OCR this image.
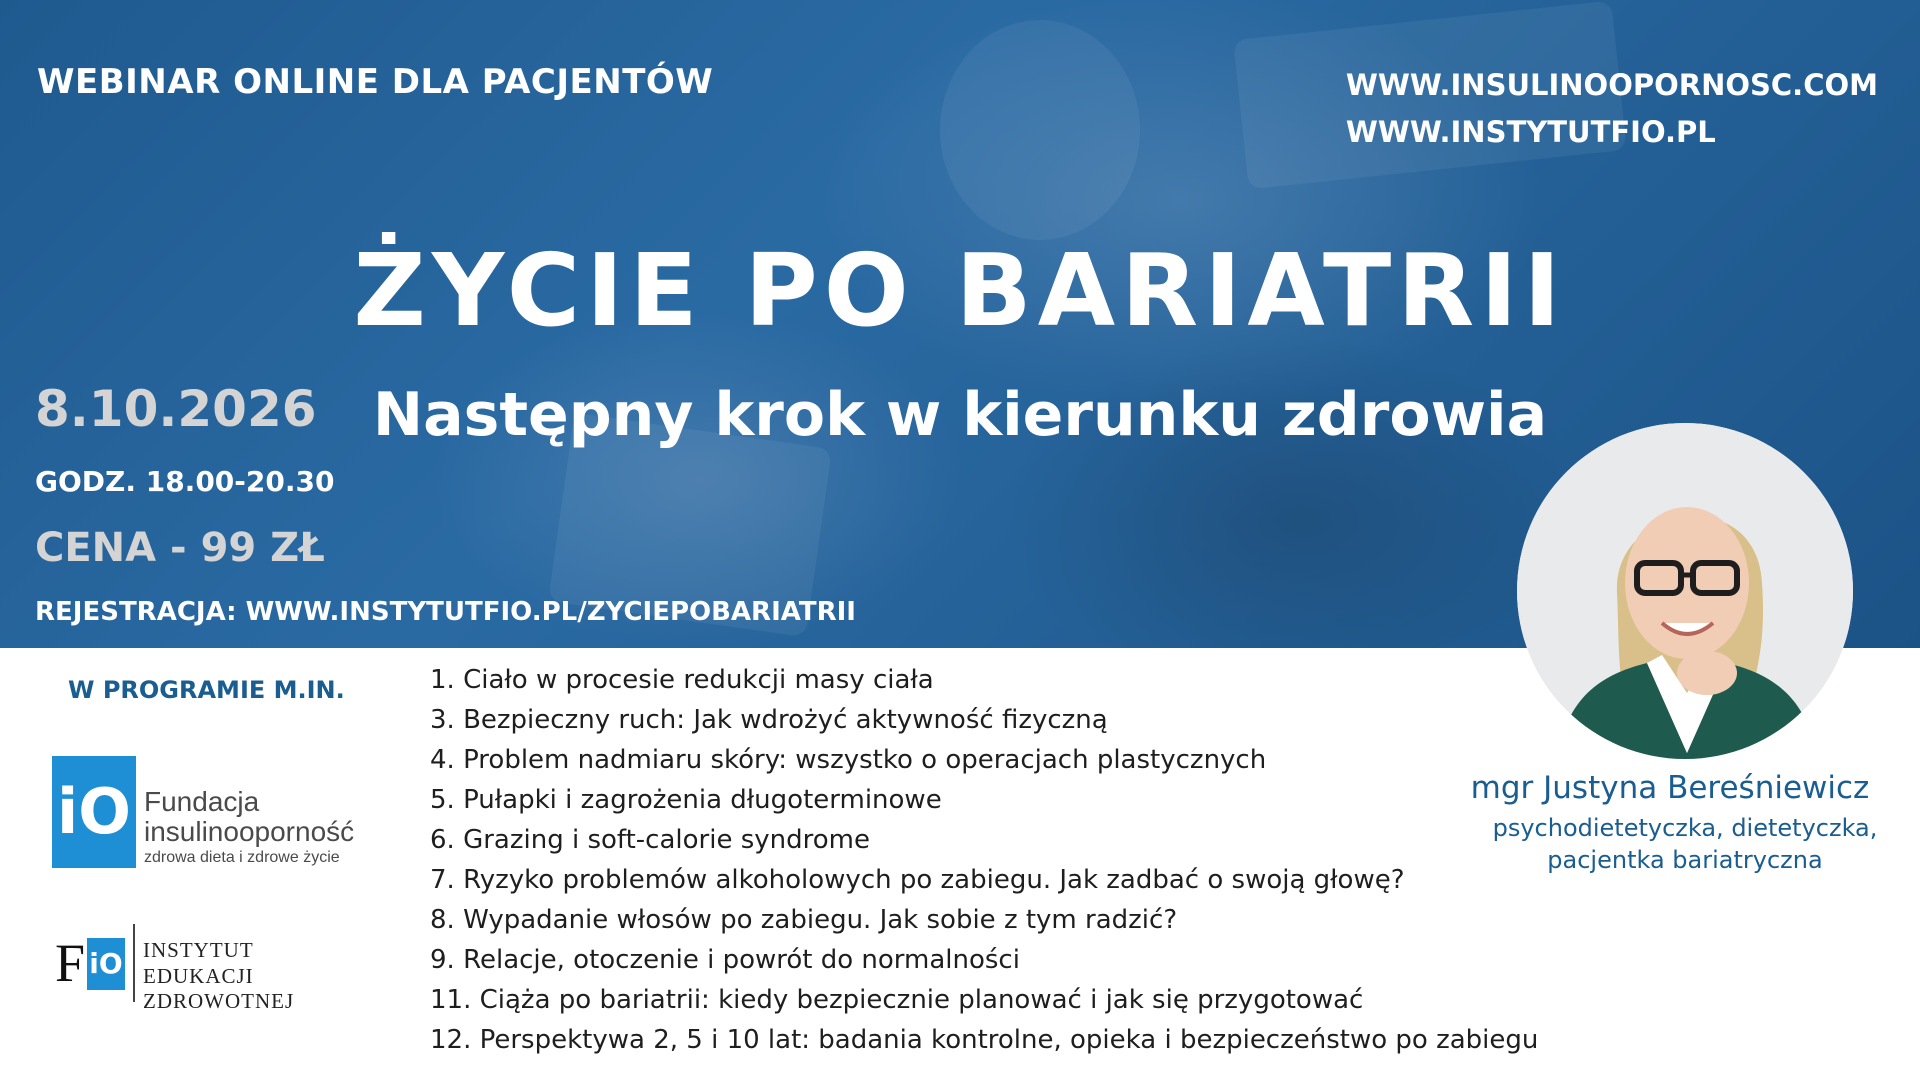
WEBINAR ONLINE DLA PACJENTÓW	WWW.INSULINOOPORNOSC.COM
WWW.INSTYTUTFIO.PL
ŻYCIE PO BARIATRII
Następny krok w kierunku zdrowia
8.10.2026
GODZ. 18.00-20.30
CENA - 99 ZŁ
REJESTRACJA: WWW.INSTYTUTFIO.PL/ZYCIEPOBARIATRII
W PROGRAMIE M.IN.
iO Fundacja
insulinooporność
zdrowa dieta i zdrowe życie
F iO INSTYTUT
EDUKACJI ZDROWOTNEJ
1. Ciało w procesie redukcji masy ciała
3. Bezpieczny ruch: Jak wdrożyć aktywność fizyczną
4. Problem nadmiaru skóry: wszystko o operacjach plastycznych
5. Pułapki i zagrożenia długoterminowe
6. Grazing i soft-calorie syndrome
7. Ryzyko problemów alkoholowych po zabiegu. Jak zadbać o swoją głowę?
8. Wypadanie włosów po zabiegu. Jak sobie z tym radzić?
9. Relacje, otoczenie i powrót do normalności
11. Ciąża po bariatrii: kiedy bezpiecznie planować i jak się przygotować
12. Perspektywa 2, 5 i 10 lat: badania kontrolne, opieka i bezpieczeństwo po zabiegu
mgr Justyna Bereśniewicz
psychodietetyczka, dietetyczka,
pacjentka bariatryczna
